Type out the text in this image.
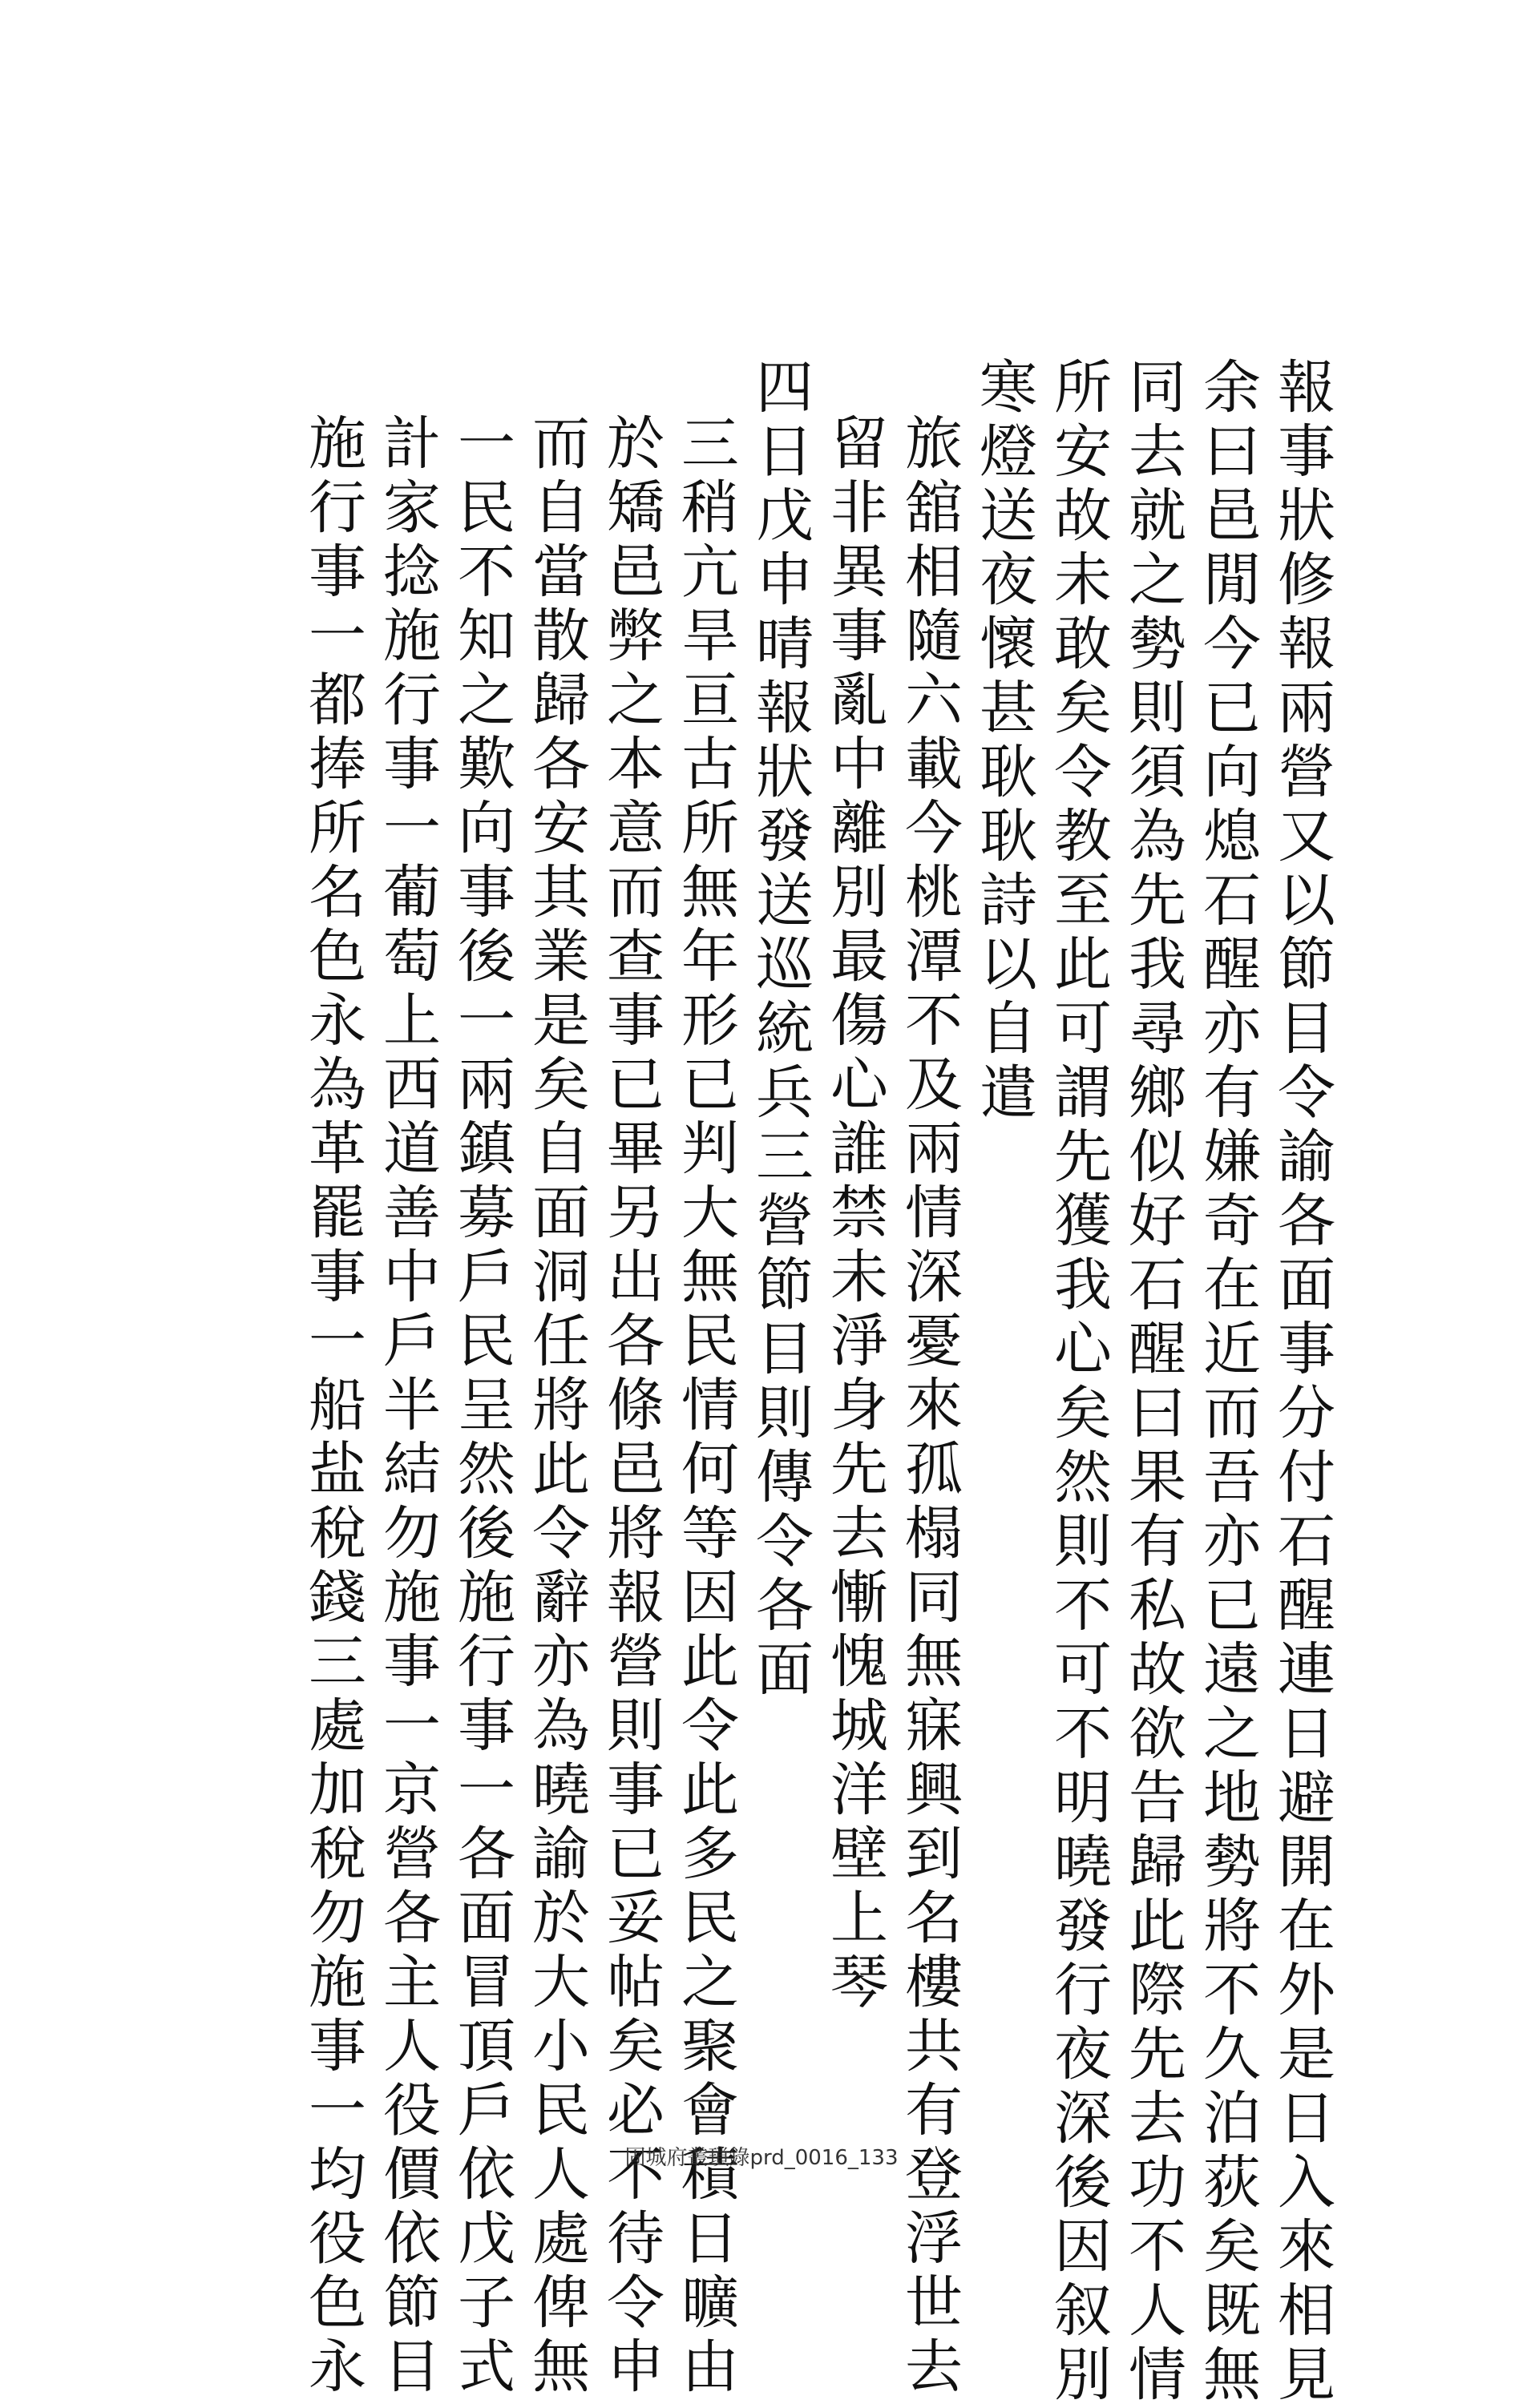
報事狀修報兩營又以節目令諭各面事分付石醒連日避開在外是日入來相見
余曰邑閒今已向熄石醒亦有嫌奇在近而吾亦已遠之地勢將不久泊荻矣既無
同去就之勢則須為先我尋鄉似好石醒曰果有私故欲告歸此際先去功不人情
所安故未敢矣令教至此可謂先獲我心矣然則不可不明曉發行夜深後因叙別
寒燈送夜懷甚耿耿詩以自遣
旅舘相隨六載今桃潭不及兩情深憂來孤榻同無寐興到名樓共有登浮世去
留非異事亂中離別最傷心誰禁未淨身先去慚愧城洋壁上琴
四日戊申晴報狀發送巡統兵三營節目則傳令各面
三稍亢旱亘古所無年形已判大無民情何等因此令此多民之聚會積日曠由
於矯邑弊之本意而查事已畢另出各條邑將報營則事已妥帖矣必不待令申
而自當散歸各安其業是矣自面洞任將此令辭亦為曉諭於大小民人處俾無
一民不知之歎向事後一兩鎮募戶民呈然後施行事一各面冒頂戶依戊子式
計家捻施行事一葡萄上西道善中戶半結勿施事一京營各主人役價依節目
施行事一都捧所名色永為革罷事一船盐稅錢三處加稅勿施事一均役色永	固城府叢瑣錄prd_0016_133
